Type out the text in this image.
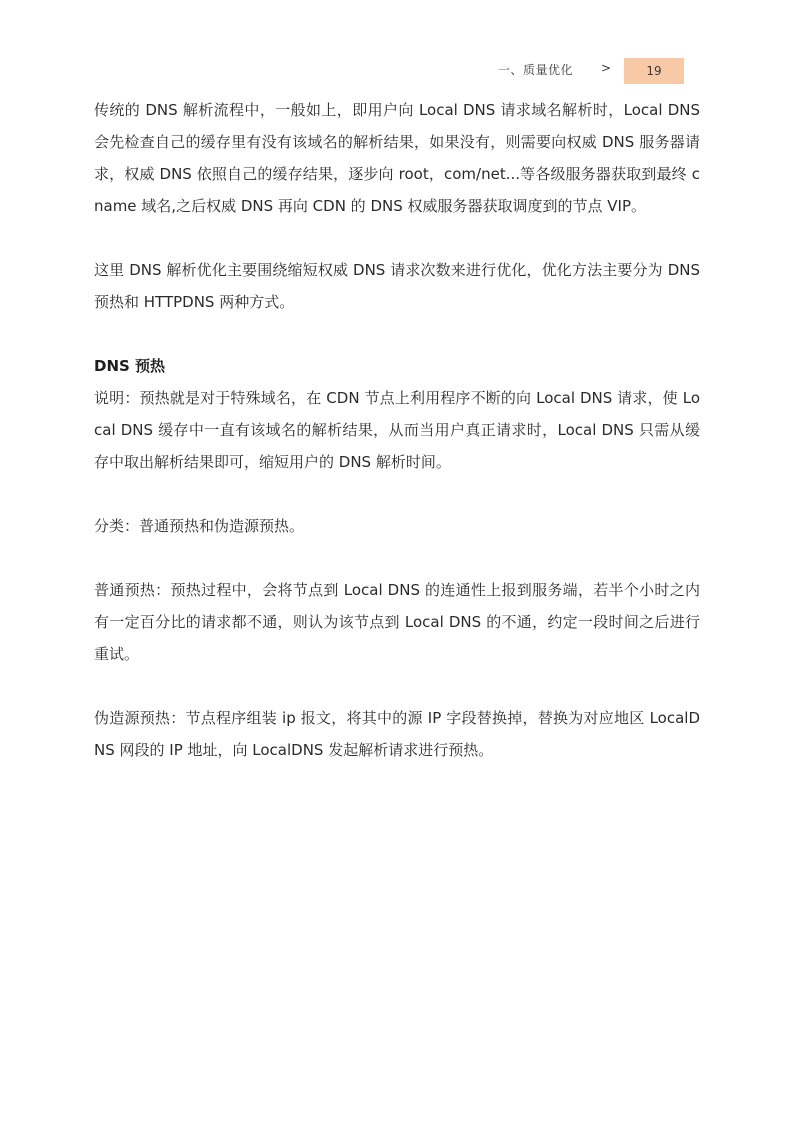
一、质量优化 >	19

传统的 DNS 解析流程中，一般如上，即用户向 Local DNS 请求域名解析时，Local DNS 会先检查自己的缓存里有没有该域名的解析结果，如果没有，则需要向权威 DNS 服务器请求，权威 DNS 依照自己的缓存结果，逐步向 root，com/net...等各级服务器获取到最终 cname 域名,之后权威 DNS 再向 CDN 的 DNS 权威服务器获取调度到的节点 VIP。

这里 DNS 解析优化主要围绕缩短权威 DNS 请求次数来进行优化，优化方法主要分为 DNS 预热和 HTTPDNS 两种方式。

DNS 预热

说明：预热就是对于特殊域名，在 CDN 节点上利用程序不断的向 Local DNS 请求，使 Local DNS 缓存中一直有该域名的解析结果，从而当用户真正请求时，Local DNS 只需从缓存中取出解析结果即可，缩短用户的 DNS 解析时间。

分类：普通预热和伪造源预热。

普通预热：预热过程中，会将节点到 Local DNS 的连通性上报到服务端，若半个小时之内有一定百分比的请求都不通，则认为该节点到 Local DNS 的不通，约定一段时间之后进行重试。

伪造源预热：节点程序组装 ip 报文，将其中的源 IP 字段替换掉，替换为对应地区 LocalDNS 网段的 IP 地址，向 LocalDNS 发起解析请求进行预热。
